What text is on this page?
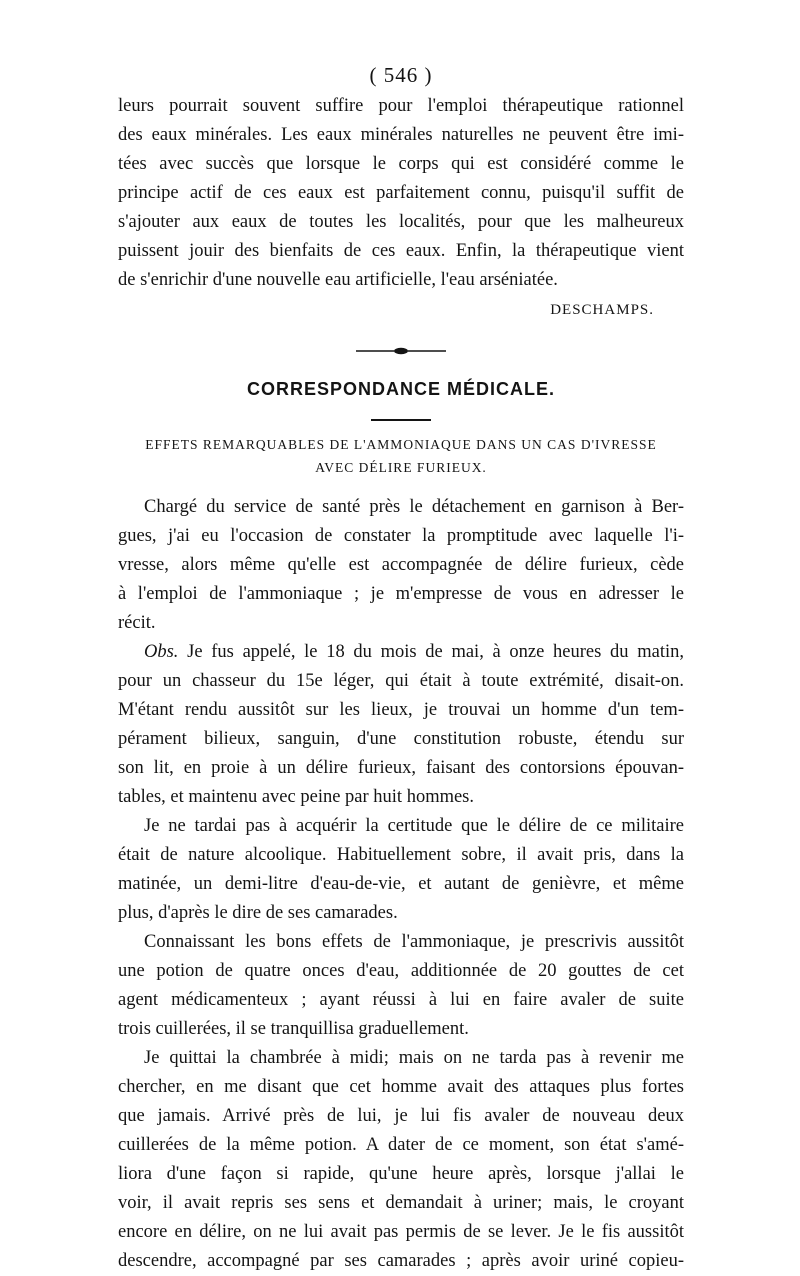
( 546 )
leurs pourrait souvent suffire pour l'emploi thérapeutique rationnel
des eaux minérales. Les eaux minérales naturelles ne peuvent être imi-
tées avec succès que lorsque le corps qui est considéré comme le
principe actif de ces eaux est parfaitement connu, puisqu'il suffit de
s'ajouter aux eaux de toutes les localités, pour que les malheureux
puissent jouir des bienfaits de ces eaux. Enfin, la thérapeutique vient
de s'enrichir d'une nouvelle eau artificielle, l'eau arséniatée.
DESCHAMPS.
CORRESPONDANCE MÉDICALE.
EFFETS REMARQUABLES DE L'AMMONIAQUE DANS UN CAS D'IVRESSE
AVEC DÉLIRE FURIEUX.
Chargé du service de santé près le détachement en garnison à Ber-
gues, j'ai eu l'occasion de constater la promptitude avec laquelle l'i-
vresse, alors même qu'elle est accompagnée de délire furieux, cède
à l'emploi de l'ammoniaque ; je m'empresse de vous en adresser le
récit.
Obs. Je fus appelé, le 18 du mois de mai, à onze heures du matin,
pour un chasseur du 15e léger, qui était à toute extrémité, disait-on.
M'étant rendu aussitôt sur les lieux, je trouvai un homme d'un tem-
pérament bilieux, sanguin, d'une constitution robuste, étendu sur
son lit, en proie à un délire furieux, faisant des contorsions épouvan-
tables, et maintenu avec peine par huit hommes.
Je ne tardai pas à acquérir la certitude que le délire de ce militaire
était de nature alcoolique. Habituellement sobre, il avait pris, dans la
matinée, un demi-litre d'eau-de-vie, et autant de genièvre, et même
plus, d'après le dire de ses camarades.
Connaissant les bons effets de l'ammoniaque, je prescrivis aussitôt
une potion de quatre onces d'eau, additionnée de 20 gouttes de cet
agent médicamenteux ; ayant réussi à lui en faire avaler de suite
trois cuillerées, il se tranquillisa graduellement.
Je quittai la chambrée à midi; mais on ne tarda pas à revenir me
chercher, en me disant que cet homme avait des attaques plus fortes
que jamais. Arrivé près de lui, je lui fis avaler de nouveau deux
cuillerées de la même potion. A dater de ce moment, son état s'amé-
liora d'une façon si rapide, qu'une heure après, lorsque j'allai le
voir, il avait repris ses sens et demandait à uriner; mais, le croyant
encore en délire, on ne lui avait pas permis de se lever. Je le fis aussitôt
descendre, accompagné par ses camarades ; après avoir uriné copieu-
